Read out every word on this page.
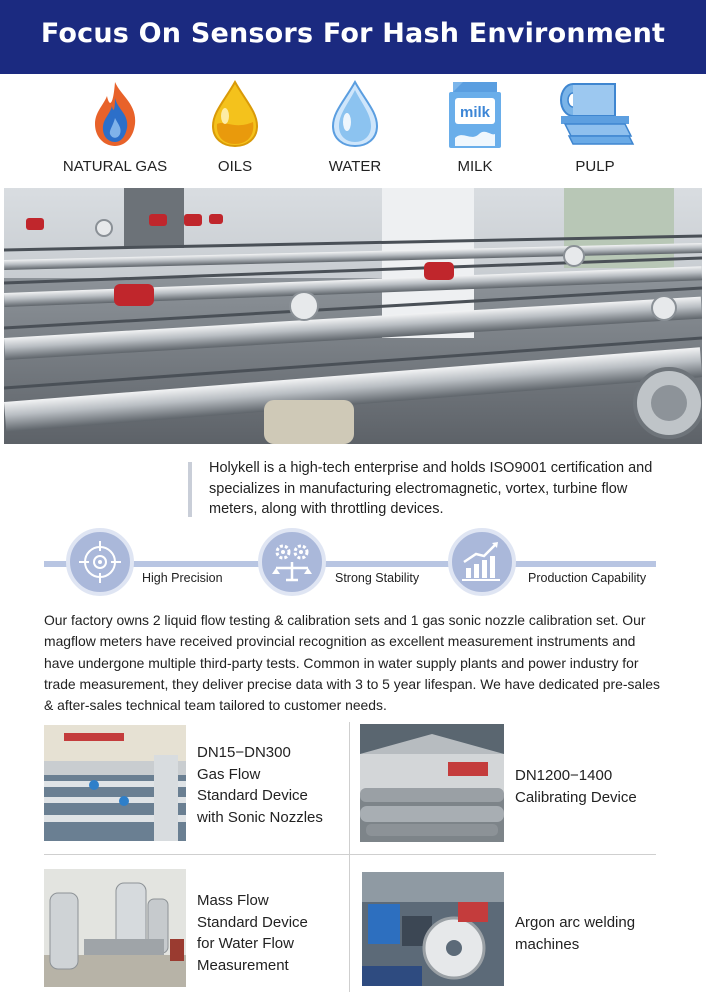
Focus On Sensors For Hash Environment
NATURAL GAS	OILS	WATER
milk
MILK	PULP
Holykell is a high-tech enterprise and holds ISO9001 certification and specializes in manufacturing electromagnetic, vortex, turbine flow meters, along with throttling devices.
High Precision	Strong Stability	Production Capability
Our factory owns 2 liquid flow testing & calibration sets and 1 gas sonic nozzle calibration set. Our magflow meters have received provincial recognition as excellent measurement instruments and have undergone multiple third-party tests. Common in water supply plants and power industry for trade measurement, they deliver precise data with 3 to 5 year lifespan. We have dedicated pre-sales & after-sales technical team tailored to customer needs.
DN15−DN300
Gas Flow
Standard Device
with Sonic Nozzles
DN1200−1400
Calibrating Device
Mass Flow
Standard Device
for Water Flow
Measurement
Argon arc welding
machines
